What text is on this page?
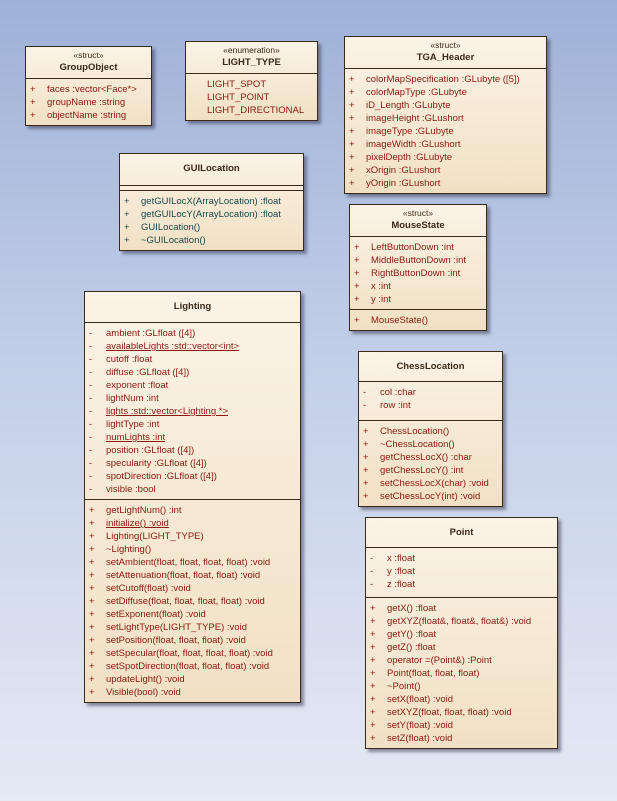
«struct»
GroupObject
+ faces :vector<Face*>
+ groupName :string
+ objectName :string
«enumeration»
LIGHT_TYPE
LIGHT_SPOT
LIGHT_POINT
LIGHT_DIRECTIONAL
«struct»
TGA_Header
+ colorMapSpecification :GLubyte ([5])
+ colorMapType :GLubyte
+ iD_Length :GLubyte
+ imageHeight :GLushort
+ imageType :GLubyte
+ imageWidth :GLushort
+ pixelDepth :GLubyte
+ xOrigin :GLushort
+ yOrigin :GLushort
GUILocation
+ getGUILocX(ArrayLocation) :float
+ getGUILocY(ArrayLocation) :float
+ GUILocation()
+ ~GUILocation()
«struct»
MouseState
+ LeftButtonDown :int
+ MiddleButtonDown :int
+ RightButtonDown :int
+ x :int
+ y :int
+ MouseState()
Lighting
- ambient :GLfloat ([4])
- availableLights :std::vector<int>
- cutoff :float
- diffuse :GLfloat ([4])
- exponent :float
- lightNum :int
- lights :std::vector<Lighting *>
- lightType :int
- numLights :int
- position :GLfloat ([4])
- specularity :GLfloat ([4])
- spotDirection :GLfloat ([4])
- visible :bool
+ getLightNum() :int
+ initialize() :void
+ Lighting(LIGHT_TYPE)
+ ~Lighting()
+ setAmbient(float, float, float, float) :void
+ setAttenuation(float, float, float) :void
+ setCutoff(float) :void
+ setDiffuse(float, float, float, float) :void
+ setExponent(float) :void
+ setLightType(LIGHT_TYPE) :void
+ setPosition(float, float, float) :void
+ setSpecular(float, float, float, float) :void
+ setSpotDirection(float, float, float) :void
+ updateLight() :void
+ Visible(bool) :void
ChessLocation
- col :char
- row :int
+ ChessLocation()
+ ~ChessLocation()
+ getChessLocX() :char
+ getChessLocY() :int
+ setChessLocX(char) :void
+ setChessLocY(int) :void
Point
- x :float
- y :float
- z :float
+ getX() :float
+ getXYZ(float&, float&, float&) :void
+ getY() :float
+ getZ() :float
+ operator =(Point&) :Point
+ Point(float, float, float)
+ ~Point()
+ setX(float) :void
+ setXYZ(float, float, float) :void
+ setY(float) :void
+ setZ(float) :void
